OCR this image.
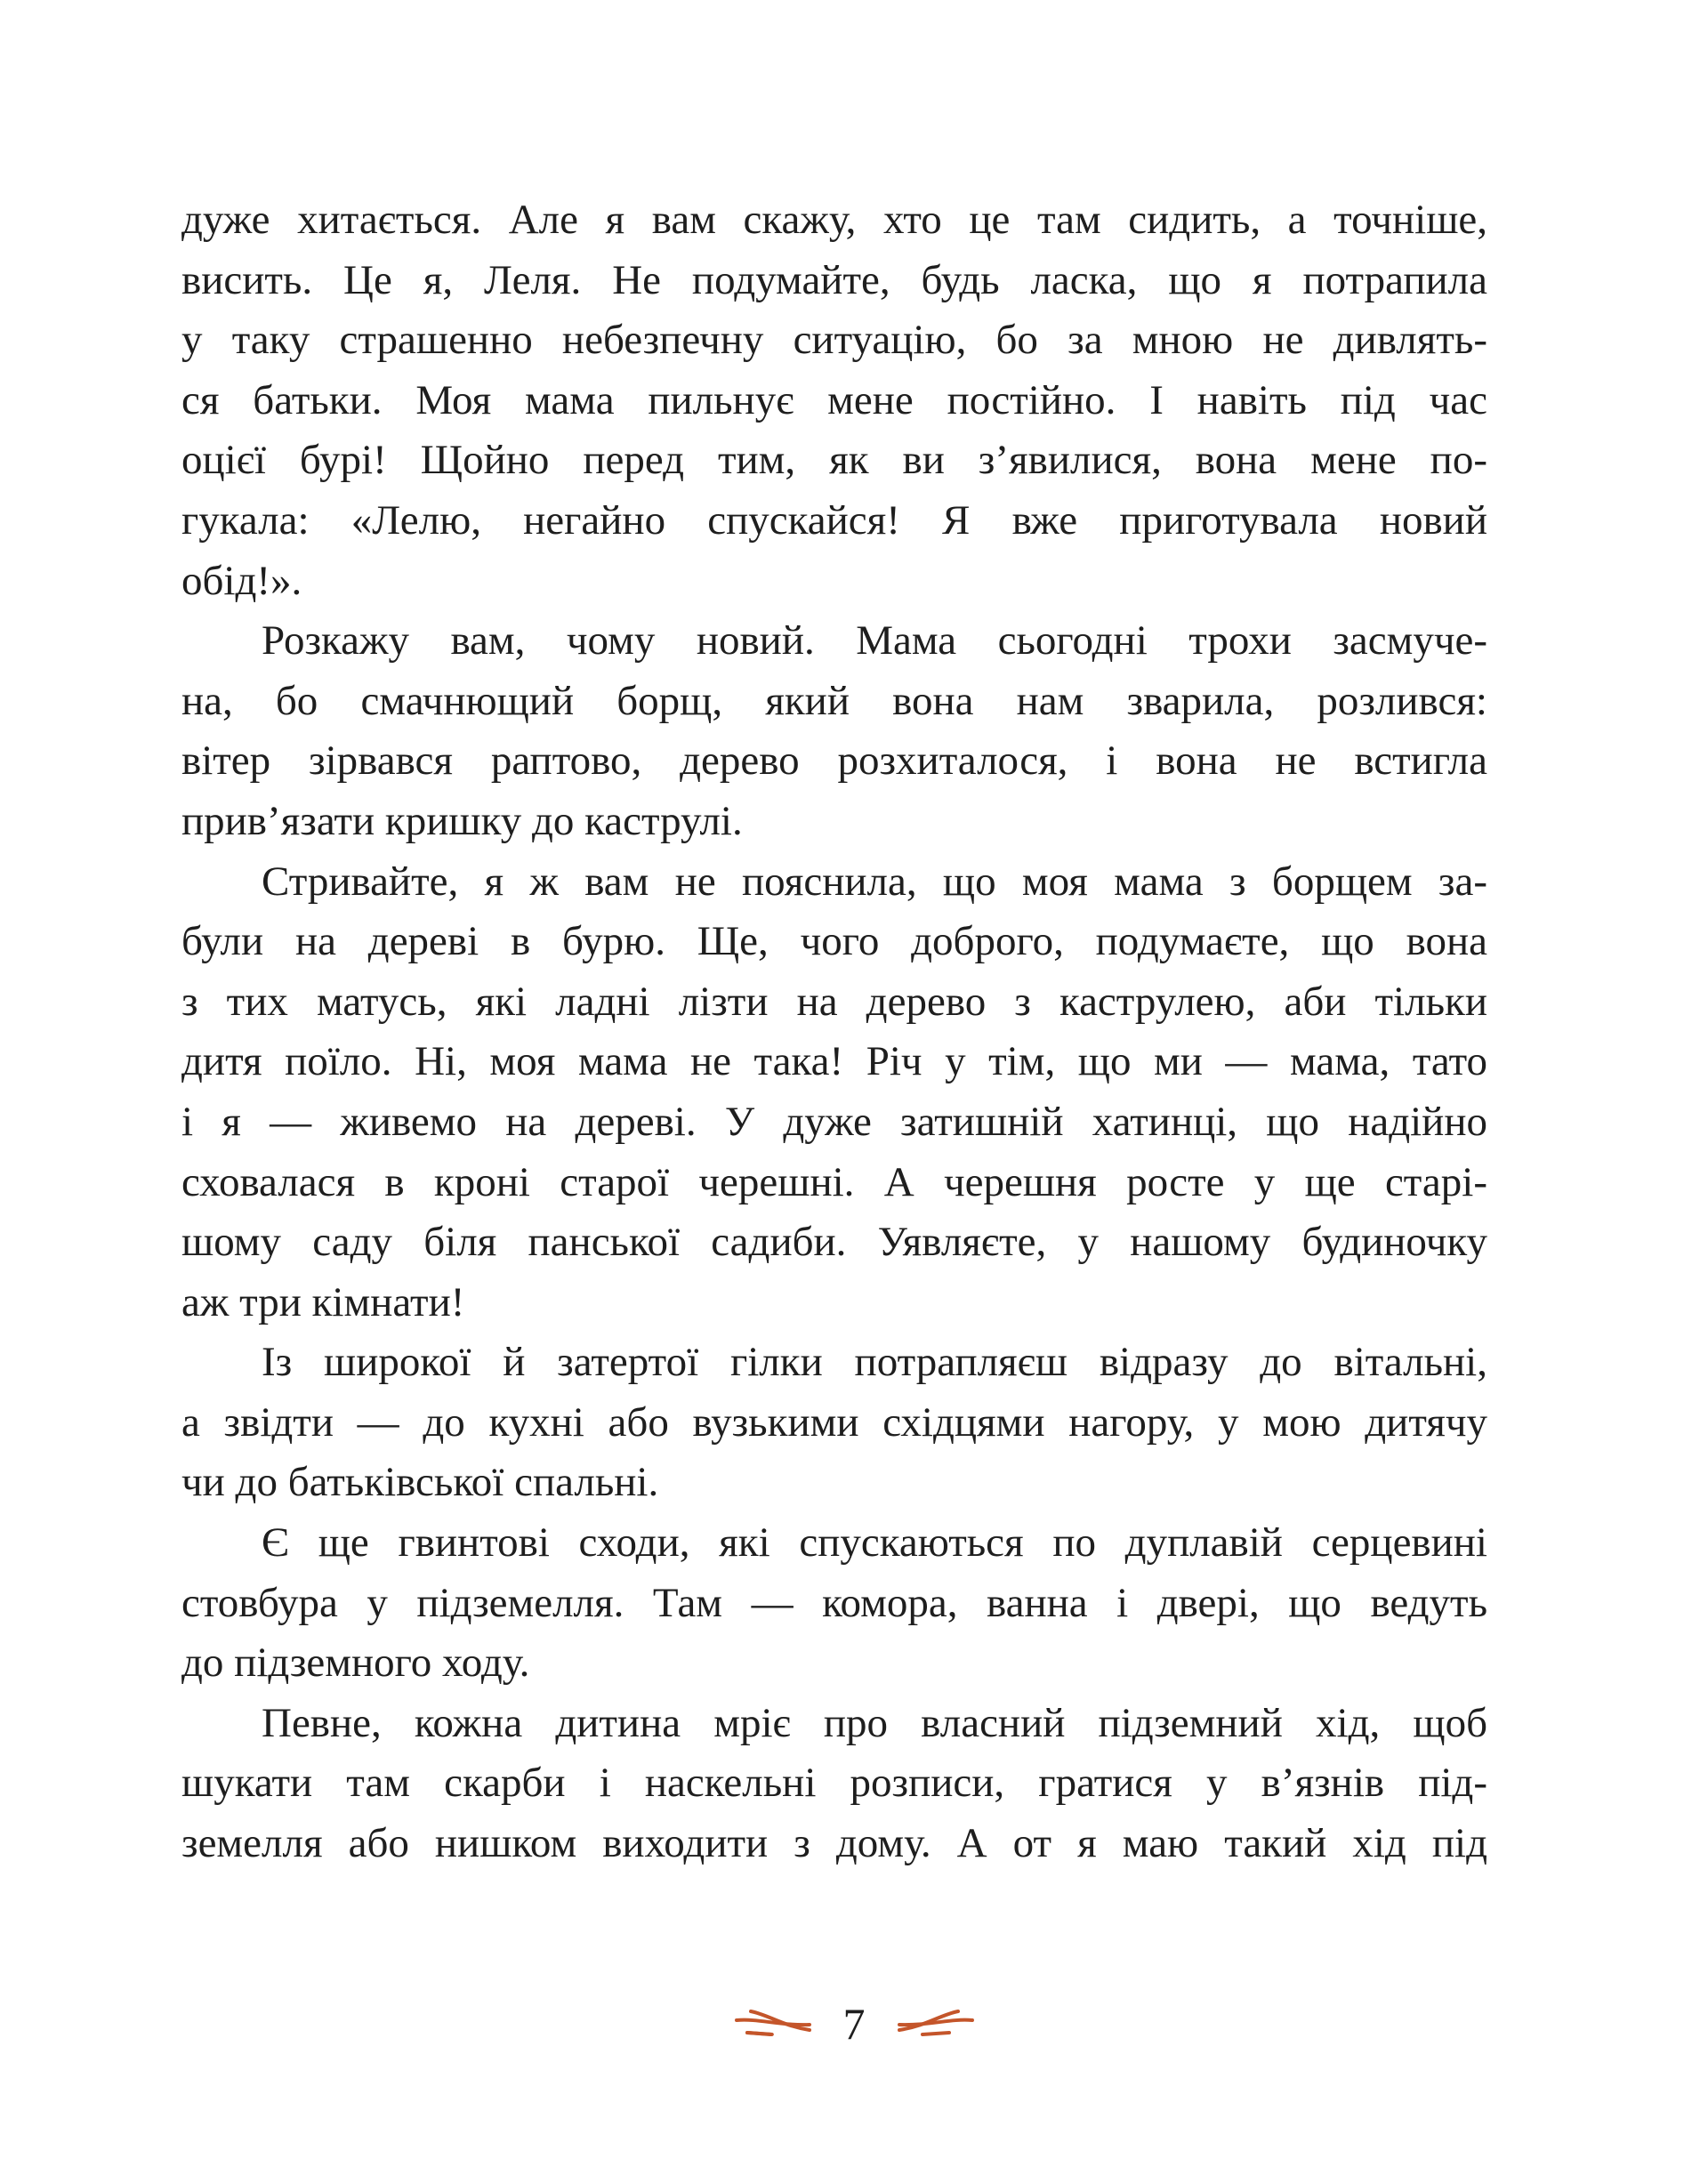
дуже хитається. Але я вам скажу, хто це там сидить, а точніше,
висить. Це я, Леля. Не подумайте, будь ласка, що я потрапила
у таку страшенно небезпечну ситуацію, бо за мною не дивлять-
ся батьки. Моя мама пильнує мене постійно. І навіть під час
оцієї бурі! Щойно перед тим, як ви з’явилися, вона мене по-
гукала: «Лелю, негайно спускайся! Я вже приготувала новий
обід!».
Розкажу вам, чому новий. Мама сьогодні трохи засмуче-
на, бо смачнющий борщ, який вона нам зварила, розлився:
вітер зірвався раптово, дерево розхиталося, і вона не встигла
прив’язати кришку до каструлі.
Стривайте, я ж вам не пояснила, що моя мама з борщем за-
були на дереві в бурю. Ще, чого доброго, подумаєте, що вона
з тих матусь, які ладні лізти на дерево з каструлею, аби тільки
дитя поїло. Ні, моя мама не така! Річ у тім, що ми — мама, тато
і я — живемо на дереві. У дуже затишній хатинці, що надійно
сховалася в кроні старої черешні. А черешня росте у ще старі-
шому саду біля панської садиби. Уявляєте, у нашому будиночку
аж три кімнати!
Із широкої й затертої гілки потрапляєш відразу до вітальні,
а звідти — до кухні або вузькими східцями нагору, у мою дитячу
чи до батьківської спальні.
Є ще гвинтові сходи, які спускаються по дуплавій серцевині
стовбура у підземелля. Там — комора, ванна і двері, що ведуть
до підземного ходу.
Певне, кожна дитина мріє про власний підземний хід, щоб
шукати там скарби і наскельні розписи, гратися у в’язнів під-
земелля або нишком виходити з дому. А от я маю такий хід під
7
